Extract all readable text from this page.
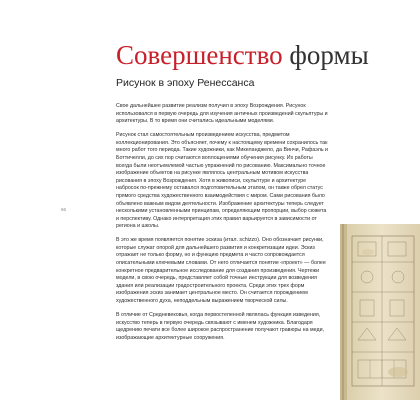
Совершенство формы
Рисунок в эпоху Ренессанса

Свое дальнейшее развитие реализм получил в эпоху Возрождения. Рисунок использовался в первую очередь для изучения античных произведений скульптуры и архитектуры. В то время они считались идеальными моделями.

Рисунок стал самостоятельным произведением искусства, предметом коллекционирования. Это объясняет, почему к настоящему времени сохранилось так много работ того периода. Такие художники, как Микеланджело, да Винчи, Рафаэль и Боттичелли, до сих пор считаются воплощениями обучения рисунку. Их работы всегда были неотъемлемой частью упражнений по рисованию. Максимально точное изображение объектов на рисунке являлось центральным мотивом искусства рисования в эпоху Возрождения. Хотя в живописи, скульптуре и архитектуре набросок по-прежнему оставался подготовительным этапом, он также обрел статус прямого средства художественного взаимодействия с миром. Сами рисования было объявлено важным видом деятельности. Изображение архитектуры теперь следует несколькими установленными принципам, определяющим пропорции, выбор сюжета и перспективу. Однако интерпретация этих правил варьируется в зависимости от региона и школы.

В это же время появляется понятие эскиза (итал. schizzo). Оно обозначает рисунки, которые служат опорой для дальнейшего развития и конкретизации идеи. Эскиз отражает не только форму, но и функцию предмета и часто сопровождается описательными ключевыми словами. От него отличается понятие «проект» — более конкретное предварительное исследование для создания произведения. Чертежи модели, в свою очередь, представляет собой точные инструкции для возведения здания или реализации градостроительного проекта. Среди этих трех форм изображения эскиз занимает центральное место. Он считается порождением художественного духа, неподдельным выражением творческой силы.

В отличие от Средневековья, когда первостепенной являлась функция изведения, искусство теперь в первую очередь связывают с именем художника. Благодаря щедрению печати все более широкое распространение получают гравюры на меди, изображающие архитектурные сооружения.

66
